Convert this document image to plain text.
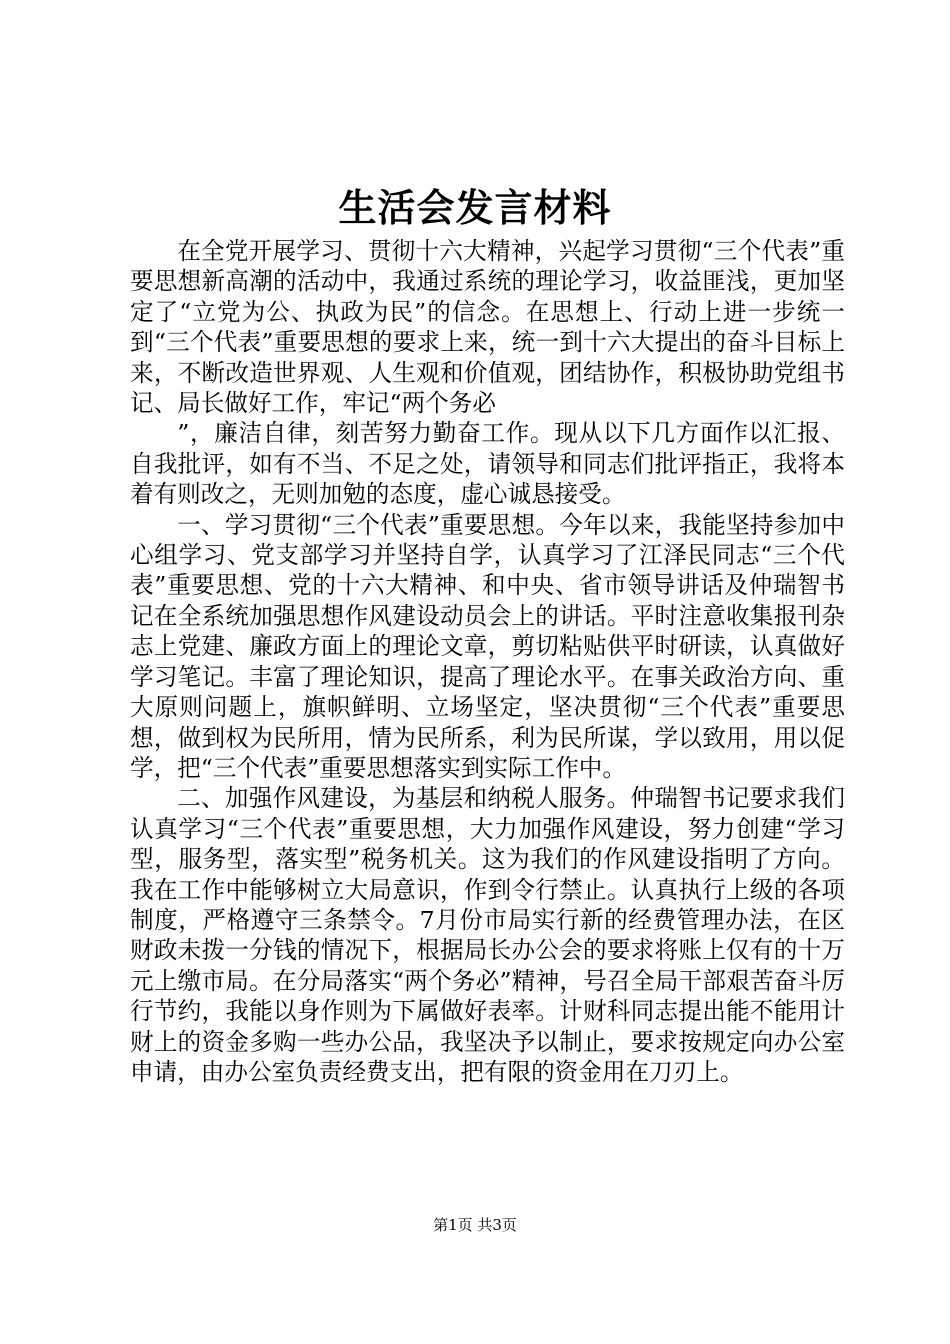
生活会发言材料

在全党开展学习、贯彻十六大精神，兴起学习贯彻“三个代表”重要思想新高潮的活动中，我通过系统的理论学习，收益匪浅，更加坚定了“立党为公、执政为民”的信念。在思想上、行动上进一步统一到“三个代表”重要思想的要求上来，统一到十六大提出的奋斗目标上来，不断改造世界观、人生观和价值观，团结协作，积极协助党组书记、局长做好工作，牢记“两个务必

”，廉洁自律，刻苦努力勤奋工作。现从以下几方面作以汇报、自我批评，如有不当、不足之处，请领导和同志们批评指正，我将本着有则改之，无则加勉的态度，虚心诚恳接受。

一、学习贯彻“三个代表”重要思想。今年以来，我能坚持参加中心组学习、党支部学习并坚持自学，认真学习了江泽民同志“三个代表”重要思想、党的十六大精神、和中央、省市领导讲话及仲瑞智书记在全系统加强思想作风建设动员会上的讲话。平时注意收集报刊杂志上党建、廉政方面上的理论文章，剪切粘贴供平时研读，认真做好学习笔记。丰富了理论知识，提高了理论水平。在事关政治方向、重大原则问题上，旗帜鲜明、立场坚定，坚决贯彻“三个代表”重要思想，做到权为民所用，情为民所系，利为民所谋，学以致用，用以促学，把“三个代表”重要思想落实到实际工作中。

二、加强作风建设，为基层和纳税人服务。仲瑞智书记要求我们认真学习“三个代表”重要思想，大力加强作风建设，努力创建“学习型，服务型，落实型”税务机关。这为我们的作风建设指明了方向。我在工作中能够树立大局意识，作到令行禁止。认真执行上级的各项制度，严格遵守三条禁令。7月份市局实行新的经费管理办法，在区财政未拨一分钱的情况下，根据局长办公会的要求将账上仅有的十万元上缴市局。在分局落实“两个务必”精神，号召全局干部艰苦奋斗厉行节约，我能以身作则为下属做好表率。计财科同志提出能不能用计财上的资金多购一些办公品，我坚决予以制止，要求按规定向办公室申请，由办公室负责经费支出，把有限的资金用在刀刃上。

第1页 共3页
